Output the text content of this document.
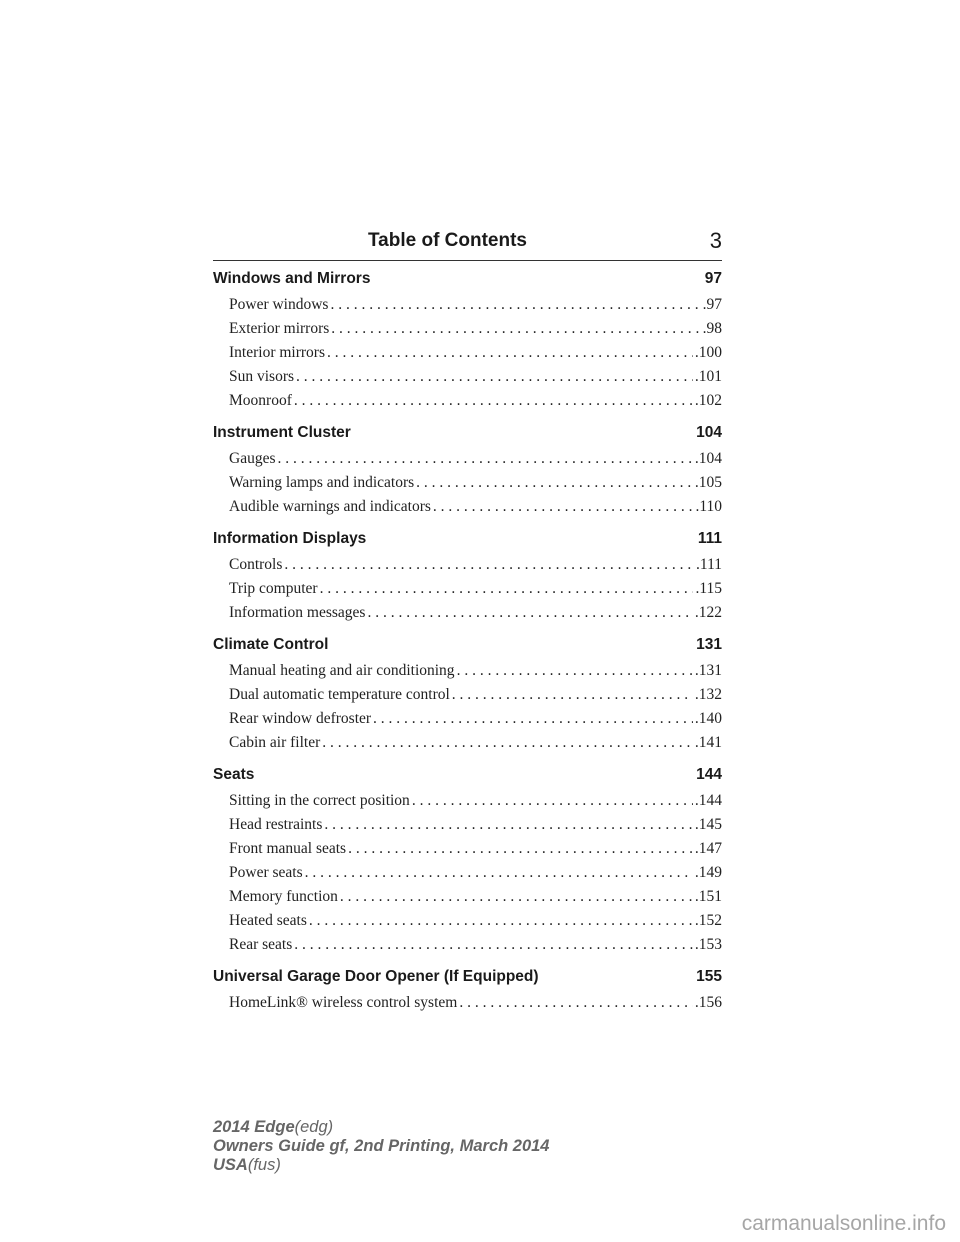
Table of Contents	3
Windows and Mirrors	97
Power windows . . .	.97
Exterior mirrors . . .	.98
Interior mirrors . . .	.100
Sun visors . . .	.101
Moonroof . . .	.102
Instrument Cluster	104
Gauges . . .	.104
Warning lamps and indicators . . .	.105
Audible warnings and indicators . . .	.110
Information Displays	111
Controls . . .	.111
Trip computer . . .	.115
Information messages . . .	.122
Climate Control	131
Manual heating and air conditioning . . .	.131
Dual automatic temperature control . . .	.132
Rear window defroster . . .	.140
Cabin air filter . . .	.141
Seats	144
Sitting in the correct position . . .	.144
Head restraints . . .	.145
Front manual seats . . .	.147
Power seats . . .	.149
Memory function . . .	.151
Heated seats . . .	.152
Rear seats . . .	.153
Universal Garage Door Opener (If Equipped)	155
HomeLink® wireless control system . . .	.156
2014 Edge(edg)
Owners Guide gf, 2nd Printing, March 2014
USA(fus)
carmanualsonline.info
